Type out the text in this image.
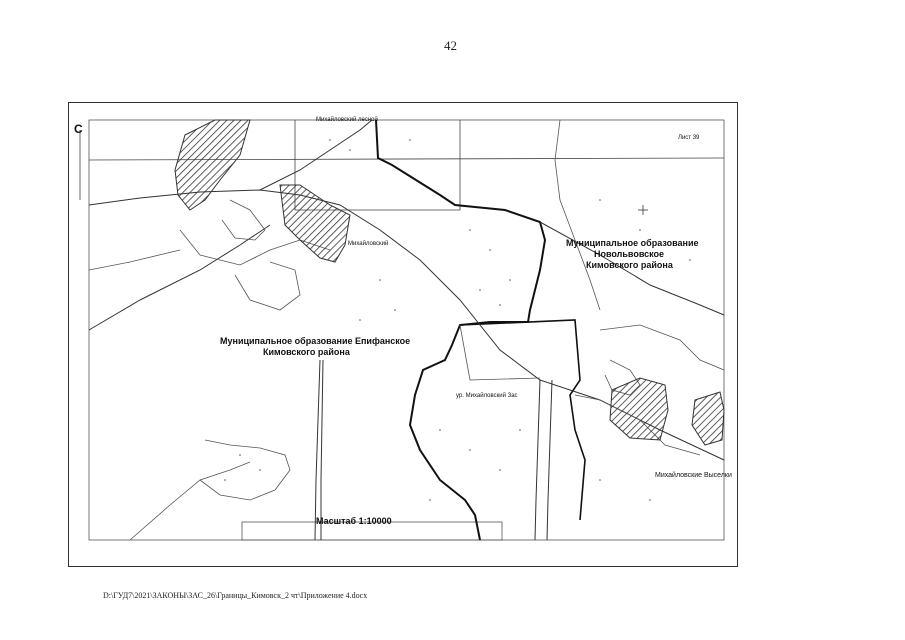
42
С
Лист 39
Михайловский лесной
Муниципальное образование
Новольвовское
Кимовского района
Муниципальное образование Епифанское
Кимовского района
Михайловский
ур. Михайловский Зас
Михайловские Выселки
Масштаб 1:10000
D:\ГУД7\2021\ЗАКОНЫ\ЗАС_26\Границы_Кимовск_2 чт\Приложение 4.docx
